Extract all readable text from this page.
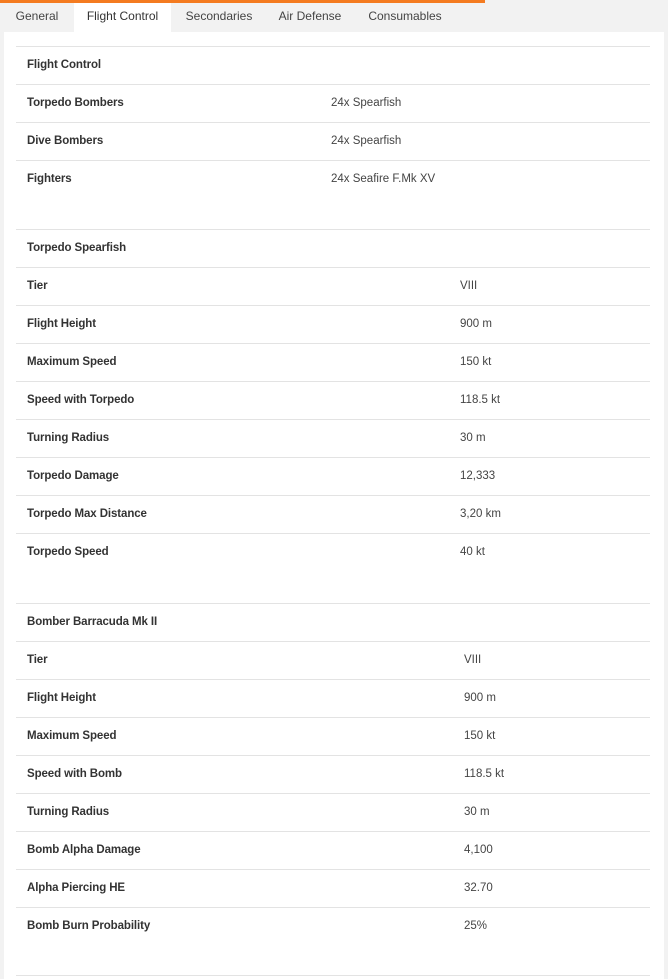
General	Flight Control	Secondaries	Air Defense	Consumables
Flight Control
Torpedo Bombers	24x Spearfish
Dive Bombers	24x Spearfish
Fighters	24x Seafire F.Mk XV
Torpedo Spearfish
Tier	VIII
Flight Height	900 m
Maximum Speed	150 kt
Speed with Torpedo	118.5 kt
Turning Radius	30 m
Torpedo Damage	12,333
Torpedo Max Distance	3,20 km
Torpedo Speed	40 kt
Bomber Barracuda Mk II
Tier	VIII
Flight Height	900 m
Maximum Speed	150 kt
Speed with Bomb	118.5 kt
Turning Radius	30 m
Bomb Alpha Damage	4,100
Alpha Piercing HE	32.70
Bomb Burn Probability	25%
